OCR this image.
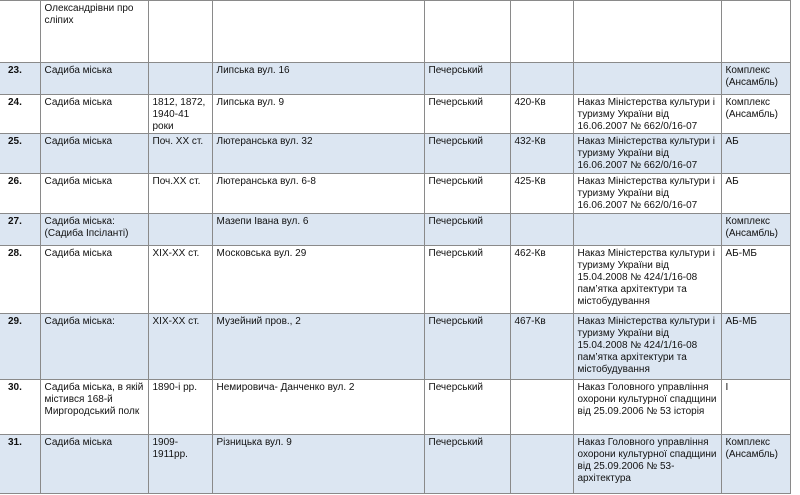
	Олександрівни про сліпих						
23.	Садиба міська		Липська вул. 16	Печерський			Комплекс (Ансамбль)
24.	Садиба міська	1812, 1872, 1940-41 роки	Липська вул. 9	Печерський	420-Кв	Наказ Міністерства культури і туризму України від 16.06.2007 № 662/0/16-07	Комплекс (Ансамбль)
25.	Садиба міська	Поч. XX ст.	Лютеранська вул. 32	Печерський	432-Кв	Наказ Міністерства культури і туризму України від 16.06.2007 № 662/0/16-07	АБ
26.	Садиба міська	Поч.XX ст.	Лютеранська вул. 6-8	Печерський	425-Кв	Наказ Міністерства культури і туризму України від 16.06.2007 № 662/0/16-07	АБ
27.	Садиба міська: (Садиба Іпсіланті)		Мазепи Івана вул. 6	Печерський			Комплекс (Ансамбль)
28.	Садиба міська	XIX-XX ст.	Московська вул. 29	Печерський	462-Кв	Наказ Міністерства культури і туризму України від 15.04.2008 № 424/1/16-08 пам’ятка архітектури та містобудування	АБ-МБ
29.	Садиба міська:	XIX-XX ст.	Музейний пров., 2	Печерський	467-Кв	Наказ Міністерства культури і туризму України від 15.04.2008 № 424/1/16-08 пам’ятка архітектури та містобудування	АБ-МБ
30.	Садиба міська, в якій містився 168-й Миргородський полк	1890-і рр.	Немировича- Данченко вул. 2	Печерський		Наказ Головного управління охорони культурної спадщини від 25.09.2006 № 53 історія	І
31.	Садиба міська	1909-1911рр.	Різницька вул. 9	Печерський		Наказ Головного управління охорони культурної спадщини від 25.09.2006 № 53- архітектура	Комплекс (Ансамбль)
